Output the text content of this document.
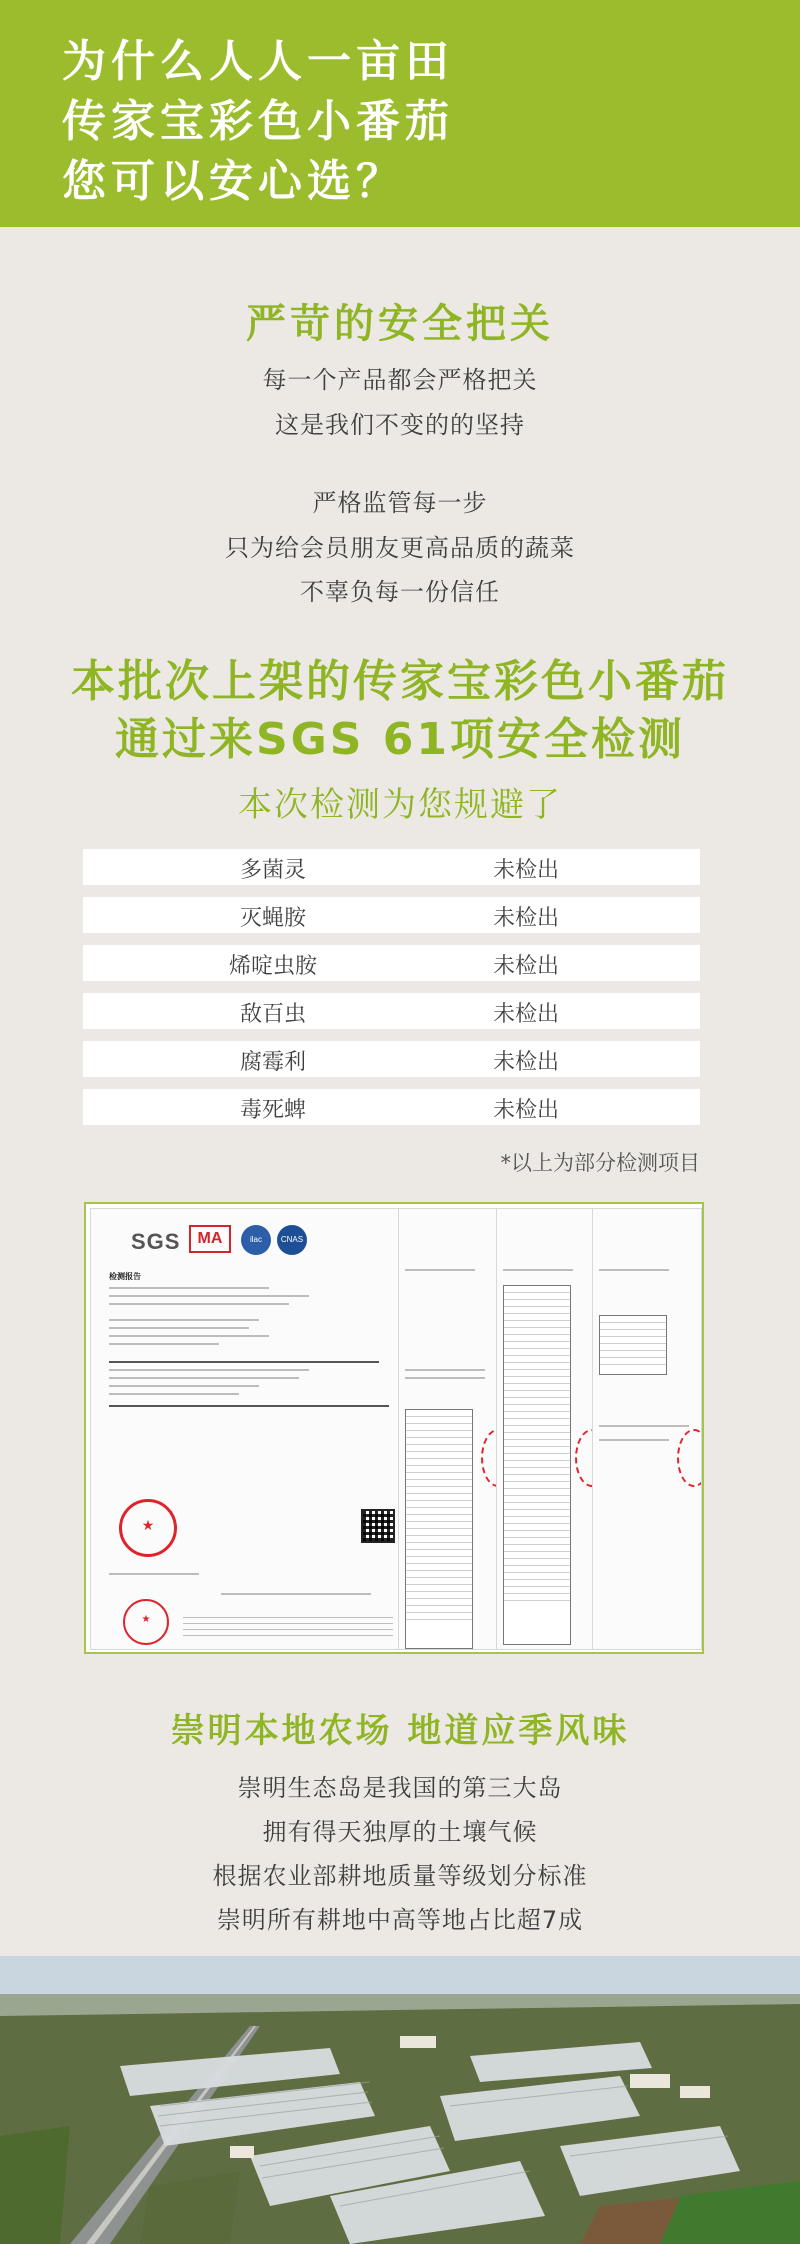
为什么人人一亩田
传家宝彩色小番茄
您可以安心选？
严苛的安全把关
每一个产品都会严格把关
这是我们不变的的坚持
严格监管每一步
只为给会员朋友更高品质的蔬菜
不辜负每一份信任
本批次上架的传家宝彩色小番茄
通过来SGS 61项安全检测
本次检测为您规避了
多菌灵	未检出
灭蝇胺	未检出
烯啶虫胺	未检出
敌百虫	未检出
腐霉利	未检出
毒死蜱	未检出
*以上为部分检测项目
SGS	MA	ilac	CNAS
检测报告
★
★
崇明本地农场 地道应季风味
崇明生态岛是我国的第三大岛
拥有得天独厚的土壤气候
根据农业部耕地质量等级划分标准
崇明所有耕地中高等地占比超7成
